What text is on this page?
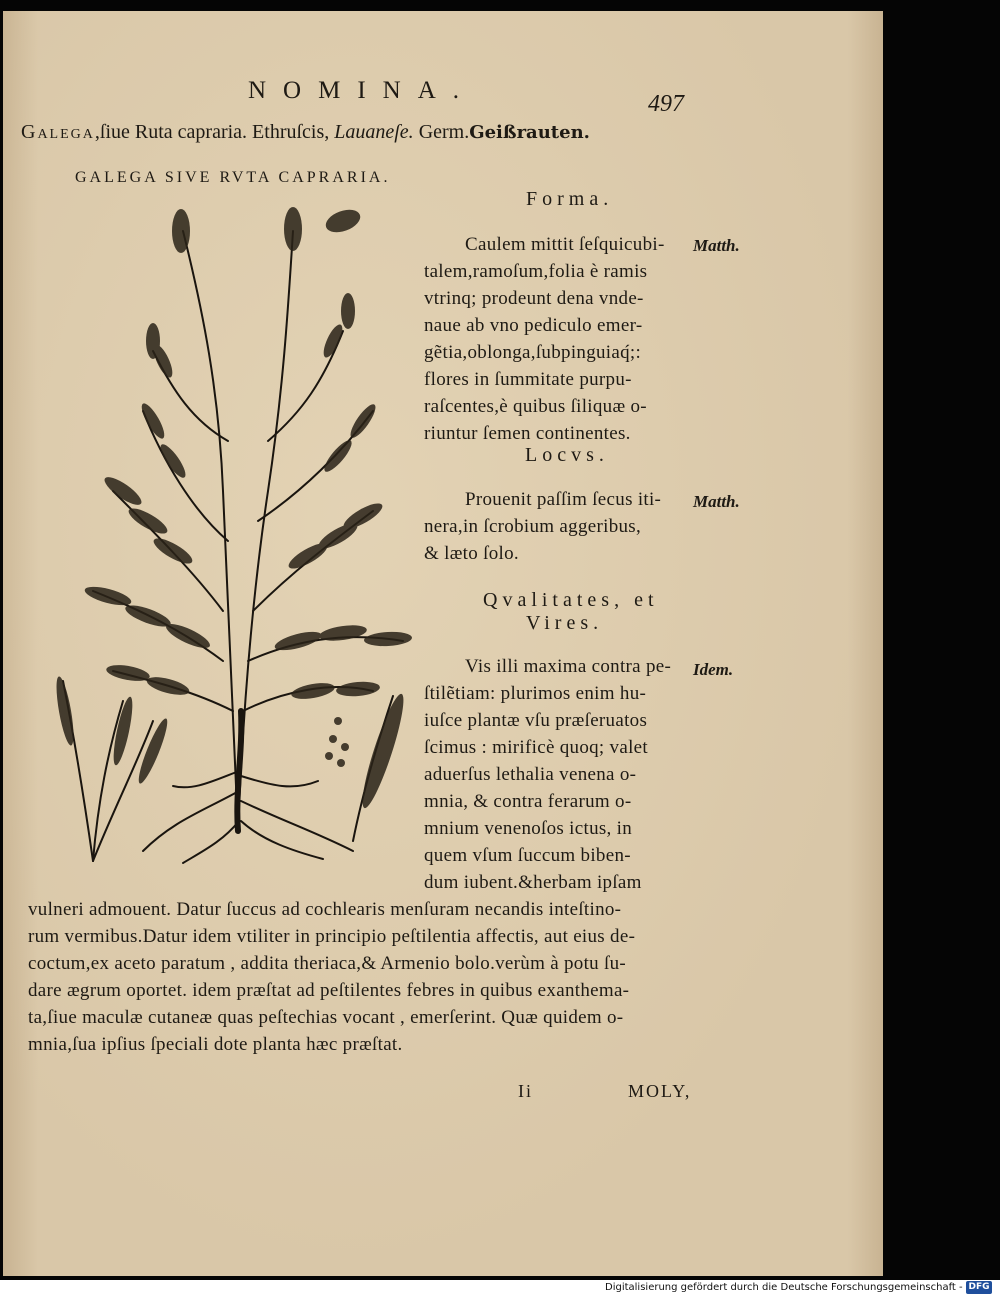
NOMINA.	497
Galega,ſiue Ruta capraria. Ethruſcis, Lauaneſe. Germ.Geißrauten.
GALEGA SIVE RVTA CAPRARIA.
Forma.
Caulem mittit ſeſquicubi-
talem,ramoſum,folia è ramis
vtrinq; prodeunt dena vnde-
naue ab vno pediculo emer-
gẽtia,oblonga,ſubpinguiaq́;:
flores in ſummitate purpu-
raſcentes,è quibus ſiliquæ o-
riuntur ſemen continentes.
Matth.
Locvs.
Prouenit paſſim ſecus iti-
nera,in ſcrobium aggeribus,
& læto ſolo.
Matth.
Qvalitates, et
Vires.
Vis illi maxima contra pe-
ſtilẽtiam: plurimos enim hu-
iuſce plantæ vſu præſeruatos
ſcimus : mirificè quoq; valet
aduerſus lethalia venena o-
mnia, & contra ferarum o-
mnium venenoſos ictus, in
quem vſum ſuccum biben-
dum iubent.&herbam ipſam
Idem.
vulneri admouent. Datur ſuccus ad cochlearis menſuram necandis inteſtino-
rum vermibus.Datur idem vtiliter in principio peſtilentia affectis, aut eius de-
coctum,ex aceto paratum , addita theriaca,& Armenio bolo.verùm à potu ſu-
dare ægrum oportet. idem præſtat ad peſtilentes febres in quibus exanthema-
ta,ſiue maculæ cutaneæ quas peſtechias vocant , emerſerint. Quæ quidem o-
mnia,ſua ipſius ſpeciali dote planta hæc præſtat.
Ii	MOLY,
Digitalisierung gefördert durch die Deutsche Forschungsgemeinschaft - DFG
